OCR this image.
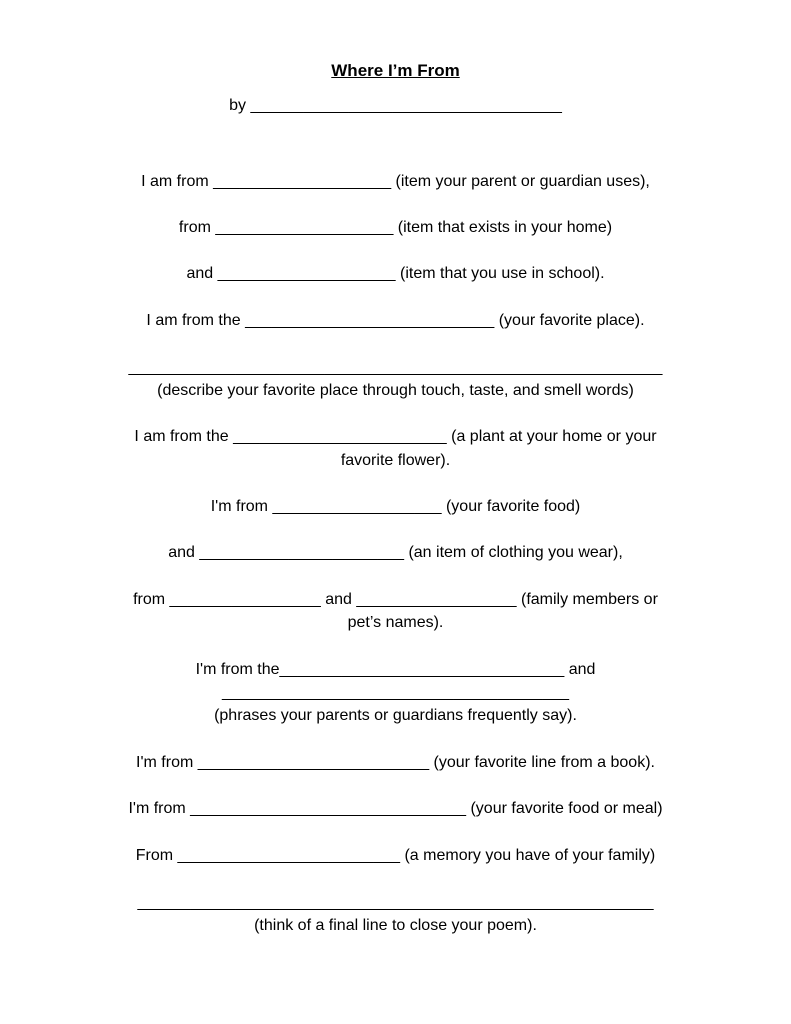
Where I’m From
by ___________________________________
I am from ____________________ (item your parent or guardian uses),
from ____________________ (item that exists in your home)
and ____________________ (item that you use in school).
I am from the ____________________________ (your favorite place).
____________________________________________________________
(describe your favorite place through touch, taste, and smell words)
I am from the ________________________ (a plant at your home or your
favorite flower).
I'm from ___________________ (your favorite food)
and _______________________ (an item of clothing you wear),
from _________________ and __________________ (family members or
pet’s names).
I'm from the________________________________ and
_______________________________________
(phrases your parents or guardians frequently say).
I'm from __________________________ (your favorite line from a book).
I'm from _______________________________ (your favorite food or meal)
From _________________________ (a memory you have of your family)
__________________________________________________________
(think of a final line to close your poem).
